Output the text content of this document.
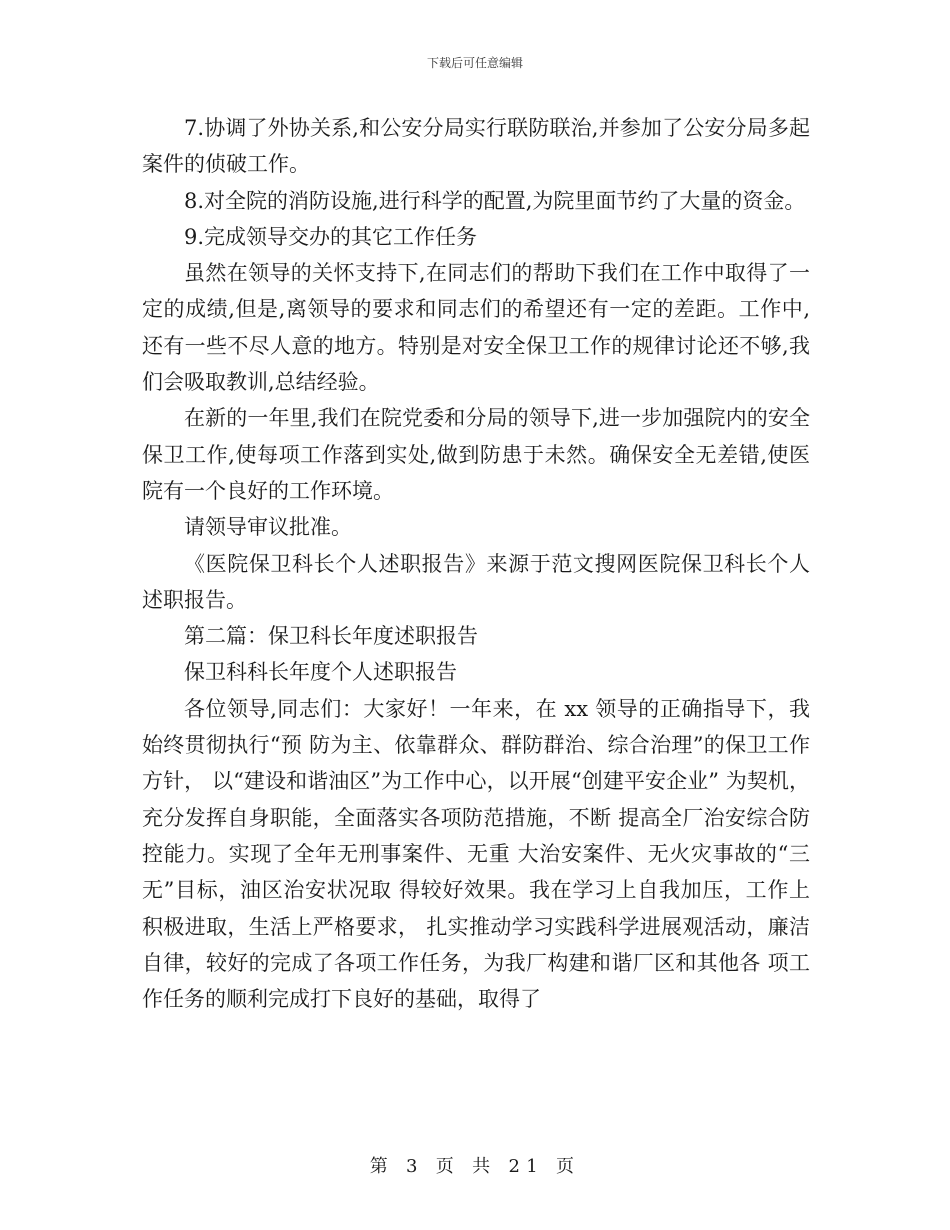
下载后可任意编辑

7.协调了外协关系,和公安分局实行联防联治,并参加了公安分局多起案件的侦破工作。

8.对全院的消防设施,进行科学的配置,为院里面节约了大量的资金。

9.完成领导交办的其它工作任务

虽然在领导的关怀支持下,在同志们的帮助下我们在工作中取得了一定的成绩,但是,离领导的要求和同志们的希望还有一定的差距。工作中,还有一些不尽人意的地方。特别是对安全保卫工作的规律讨论还不够,我们会吸取教训,总结经验。

在新的一年里,我们在院党委和分局的领导下,进一步加强院内的安全保卫工作,使每项工作落到实处,做到防患于未然。确保安全无差错,使医院有一个良好的工作环境。

请领导审议批准。

《医院保卫科长个人述职报告》来源于范文搜网医院保卫科长个人述职报告。

第二篇：保卫科长年度述职报告

保卫科科长年度个人述职报告

各位领导,同志们：大家好！一年来，在 xx 领导的正确指导下，我始终贯彻执行“预 防为主、依靠群众、群防群治、综合治理”的保卫工作方针， 以“建设和谐油区”为工作中心，以开展“创建平安企业” 为契机，充分发挥自身职能，全面落实各项防范措施，不断 提高全厂治安综合防控能力。实现了全年无刑事案件、无重 大治安案件、无火灾事故的“三无”目标，油区治安状况取 得较好效果。我在学习上自我加压，工作上积极进取，生活上严格要求， 扎实推动学习实践科学进展观活动，廉洁自律，较好的完成了各项工作任务，为我厂构建和谐厂区和其他各 项工作任务的顺利完成打下良好的基础，取得了

第 3 页 共 21 页
